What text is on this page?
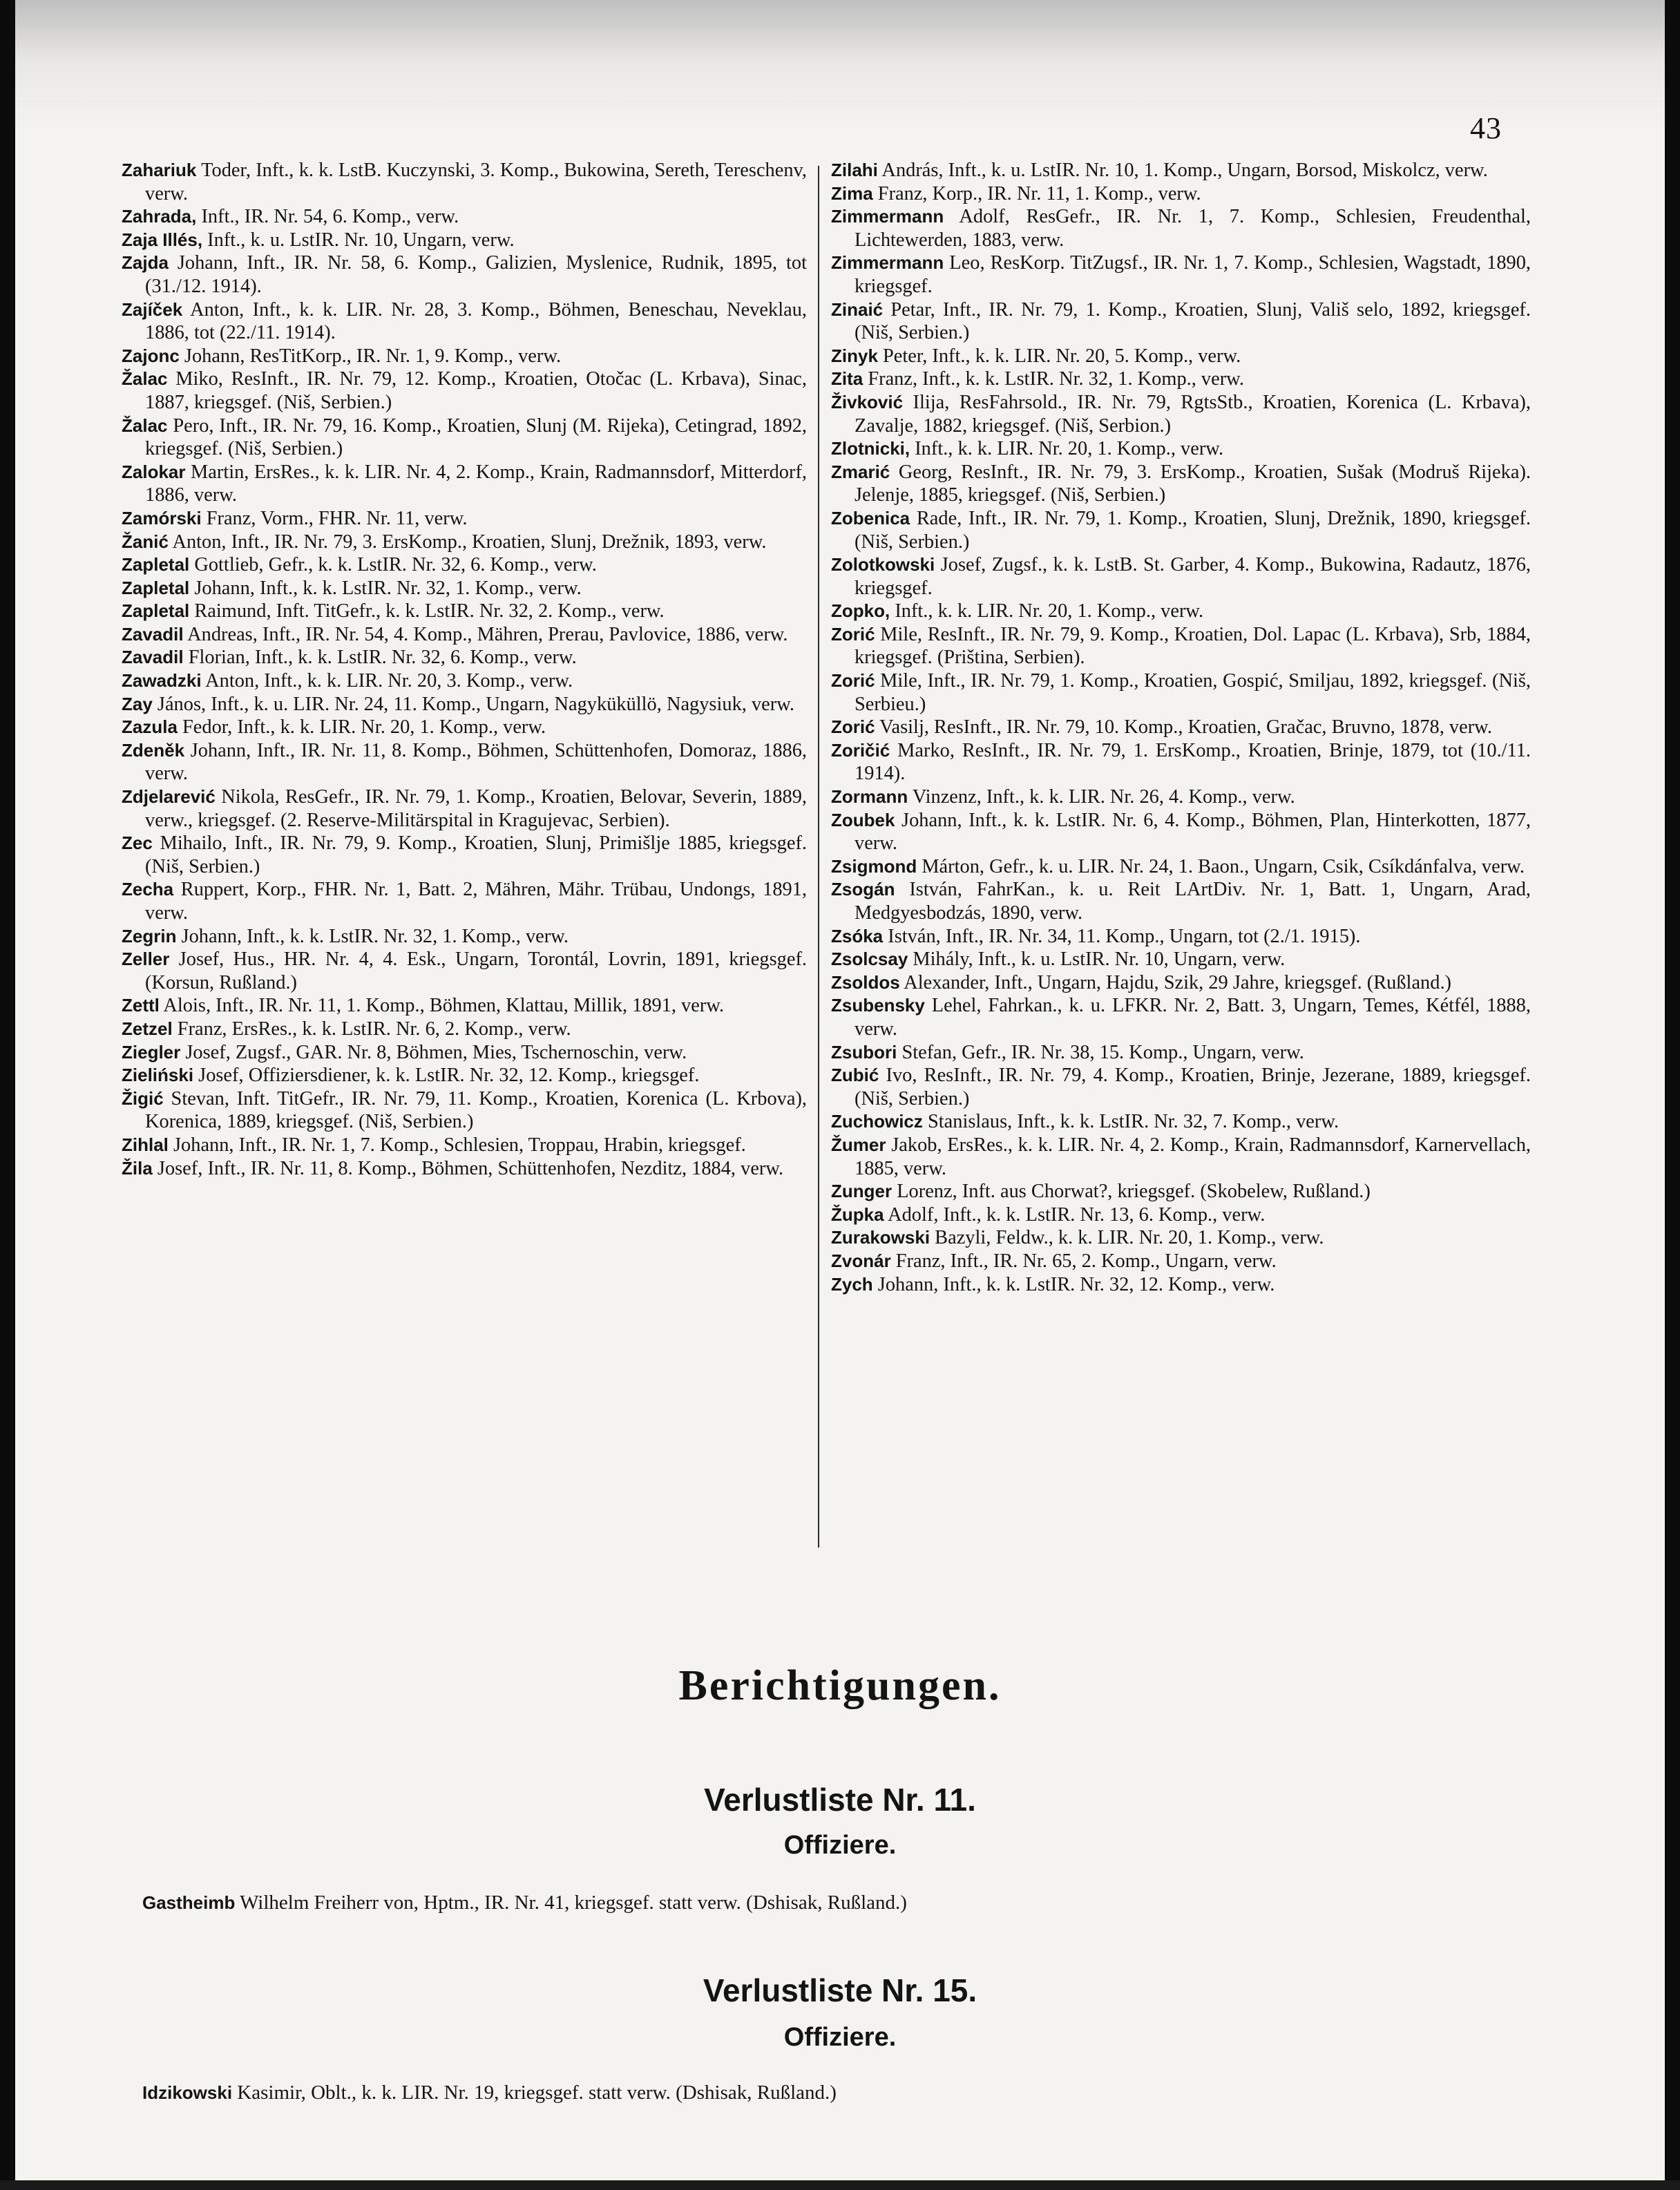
43

Zahariuk Toder, Inft., k. k. LstB. Kuczynski, 3. Komp., Bukowina, Sereth, Tereschenv, verw.

Zahrada, Inft., IR. Nr. 54, 6. Komp., verw.

Zaja Illés, Inft., k. u. LstIR. Nr. 10, Ungarn, verw.

Zajda Johann, Inft., IR. Nr. 58, 6. Komp., Galizien, Myslenice, Rudnik, 1895, tot (31./12. 1914).

Zajíček Anton, Inft., k. k. LIR. Nr. 28, 3. Komp., Böhmen, Beneschau, Neveklau, 1886, tot (22./11. 1914).

Zajonc Johann, ResTitKorp., IR. Nr. 1, 9. Komp., verw.

Žalac Miko, ResInft., IR. Nr. 79, 12. Komp., Kroatien, Otočac (L. Krbava), Sinac, 1887, kriegsgef. (Niš, Serbien.)

Žalac Pero, Inft., IR. Nr. 79, 16. Komp., Kroatien, Slunj (M. Rijeka), Cetingrad, 1892, kriegsgef. (Niš, Serbien.)

Zalokar Martin, ErsRes., k. k. LIR. Nr. 4, 2. Komp., Krain, Radmannsdorf, Mitterdorf, 1886, verw.

Zamórski Franz, Vorm., FHR. Nr. 11, verw.

Žanić Anton, Inft., IR. Nr. 79, 3. ErsKomp., Kroatien, Slunj, Drežnik, 1893, verw.

Zapletal Gottlieb, Gefr., k. k. LstIR. Nr. 32, 6. Komp., verw.

Zapletal Johann, Inft., k. k. LstIR. Nr. 32, 1. Komp., verw.

Zapletal Raimund, Inft. TitGefr., k. k. LstIR. Nr. 32, 2. Komp., verw.

Zavadil Andreas, Inft., IR. Nr. 54, 4. Komp., Mähren, Prerau, Pavlovice, 1886, verw.

Zavadil Florian, Inft., k. k. LstIR. Nr. 32, 6. Komp., verw.

Zawadzki Anton, Inft., k. k. LIR. Nr. 20, 3. Komp., verw.

Zay János, Inft., k. u. LIR. Nr. 24, 11. Komp., Ungarn, Nagyküküllö, Nagysiuk, verw.

Zazula Fedor, Inft., k. k. LIR. Nr. 20, 1. Komp., verw.

Zdeněk Johann, Inft., IR. Nr. 11, 8. Komp., Böhmen, Schüttenhofen, Domoraz, 1886, verw.

Zdjelarević Nikola, ResGefr., IR. Nr. 79, 1. Komp., Kroatien, Belovar, Severin, 1889, verw., kriegsgef. (2. Reserve-Militärspital in Kragujevac, Serbien).

Zec Mihailo, Inft., IR. Nr. 79, 9. Komp., Kroatien, Slunj, Primišlje 1885, kriegsgef. (Niš, Serbien.)

Zecha Ruppert, Korp., FHR. Nr. 1, Batt. 2, Mähren, Mähr. Trübau, Undongs, 1891, verw.

Zegrin Johann, Inft., k. k. LstIR. Nr. 32, 1. Komp., verw.

Zeller Josef, Hus., HR. Nr. 4, 4. Esk., Ungarn, Torontál, Lovrin, 1891, kriegsgef. (Korsun, Rußland.)

Zettl Alois, Inft., IR. Nr. 11, 1. Komp., Böhmen, Klattau, Millik, 1891, verw.

Zetzel Franz, ErsRes., k. k. LstIR. Nr. 6, 2. Komp., verw.

Ziegler Josef, Zugsf., GAR. Nr. 8, Böhmen, Mies, Tschernoschin, verw.

Zieliński Josef, Offiziersdiener, k. k. LstIR. Nr. 32, 12. Komp., kriegsgef.

Žigić Stevan, Inft. TitGefr., IR. Nr. 79, 11. Komp., Kroatien, Korenica (L. Krbova), Korenica, 1889, kriegsgef. (Niš, Serbien.)

Zihlal Johann, Inft., IR. Nr. 1, 7. Komp., Schlesien, Troppau, Hrabin, kriegsgef.

Žila Josef, Inft., IR. Nr. 11, 8. Komp., Böhmen, Schüttenhofen, Nezditz, 1884, verw.

Zilahi András, Inft., k. u. LstIR. Nr. 10, 1. Komp., Ungarn, Borsod, Miskolcz, verw.

Zima Franz, Korp., IR. Nr. 11, 1. Komp., verw.

Zimmermann Adolf, ResGefr., IR. Nr. 1, 7. Komp., Schlesien, Freudenthal, Lichtewerden, 1883, verw.

Zimmermann Leo, ResKorp. TitZugsf., IR. Nr. 1, 7. Komp., Schlesien, Wagstadt, 1890, kriegsgef.

Zinaić Petar, Inft., IR. Nr. 79, 1. Komp., Kroatien, Slunj, Vališ selo, 1892, kriegsgef. (Niš, Serbien.)

Zinyk Peter, Inft., k. k. LIR. Nr. 20, 5. Komp., verw.

Zita Franz, Inft., k. k. LstIR. Nr. 32, 1. Komp., verw.

Živković Ilija, ResFahrsold., IR. Nr. 79, RgtsStb., Kroatien, Korenica (L. Krbava), Zavalje, 1882, kriegsgef. (Niš, Serbion.)

Zlotnicki, Inft., k. k. LIR. Nr. 20, 1. Komp., verw.

Zmarić Georg, ResInft., IR. Nr. 79, 3. ErsKomp., Kroatien, Sušak (Modruš Rijeka). Jelenje, 1885, kriegsgef. (Niš, Serbien.)

Zobenica Rade, Inft., IR. Nr. 79, 1. Komp., Kroatien, Slunj, Drežnik, 1890, kriegsgef. (Niš, Serbien.)

Zolotkowski Josef, Zugsf., k. k. LstB. St. Garber, 4. Komp., Bukowina, Radautz, 1876, kriegsgef.

Zopko, Inft., k. k. LIR. Nr. 20, 1. Komp., verw.

Zorić Mile, ResInft., IR. Nr. 79, 9. Komp., Kroatien, Dol. Lapac (L. Krbava), Srb, 1884, kriegsgef. (Priština, Serbien).

Zorić Mile, Inft., IR. Nr. 79, 1. Komp., Kroatien, Gospić, Smiljau, 1892, kriegsgef. (Niš, Serbieu.)

Zorić Vasilj, ResInft., IR. Nr. 79, 10. Komp., Kroatien, Gračac, Bruvno, 1878, verw.

Zoričić Marko, ResInft., IR. Nr. 79, 1. ErsKomp., Kroatien, Brinje, 1879, tot (10./11. 1914).

Zormann Vinzenz, Inft., k. k. LIR. Nr. 26, 4. Komp., verw.

Zoubek Johann, Inft., k. k. LstIR. Nr. 6, 4. Komp., Böhmen, Plan, Hinterkotten, 1877, verw.

Zsigmond Márton, Gefr., k. u. LIR. Nr. 24, 1. Baon., Ungarn, Csik, Csíkdánfalva, verw.

Zsogán István, FahrKan., k. u. Reit LArtDiv. Nr. 1, Batt. 1, Ungarn, Arad, Medgyesbodzás, 1890, verw.

Zsóka István, Inft., IR. Nr. 34, 11. Komp., Ungarn, tot (2./1. 1915).

Zsolcsay Mihály, Inft., k. u. LstIR. Nr. 10, Ungarn, verw.

Zsoldos Alexander, Inft., Ungarn, Hajdu, Szik, 29 Jahre, kriegsgef. (Rußland.)

Zsubensky Lehel, Fahrkan., k. u. LFKR. Nr. 2, Batt. 3, Ungarn, Temes, Kétfél, 1888, verw.

Zsubori Stefan, Gefr., IR. Nr. 38, 15. Komp., Ungarn, verw.

Zubić Ivo, ResInft., IR. Nr. 79, 4. Komp., Kroatien, Brinje, Jezerane, 1889, kriegsgef. (Niš, Serbien.)

Zuchowicz Stanislaus, Inft., k. k. LstIR. Nr. 32, 7. Komp., verw.

Žumer Jakob, ErsRes., k. k. LIR. Nr. 4, 2. Komp., Krain, Radmannsdorf, Karnervellach, 1885, verw.

Zunger Lorenz, Inft. aus Chorwat?, kriegsgef. (Skobelew, Rußland.)

Župka Adolf, Inft., k. k. LstIR. Nr. 13, 6. Komp., verw.

Zurakowski Bazyli, Feldw., k. k. LIR. Nr. 20, 1. Komp., verw.

Zvonár Franz, Inft., IR. Nr. 65, 2. Komp., Ungarn, verw.

Zych Johann, Inft., k. k. LstIR. Nr. 32, 12. Komp., verw.

Berichtigungen.
Verlustliste Nr. 11.
Offiziere.
Gastheimb Wilhelm Freiherr von, Hptm., IR. Nr. 41, kriegsgef. statt verw. (Dshisak, Rußland.)
Verlustliste Nr. 15.
Offiziere.
Idzikowski Kasimir, Oblt., k. k. LIR. Nr. 19, kriegsgef. statt verw. (Dshisak, Rußland.)
